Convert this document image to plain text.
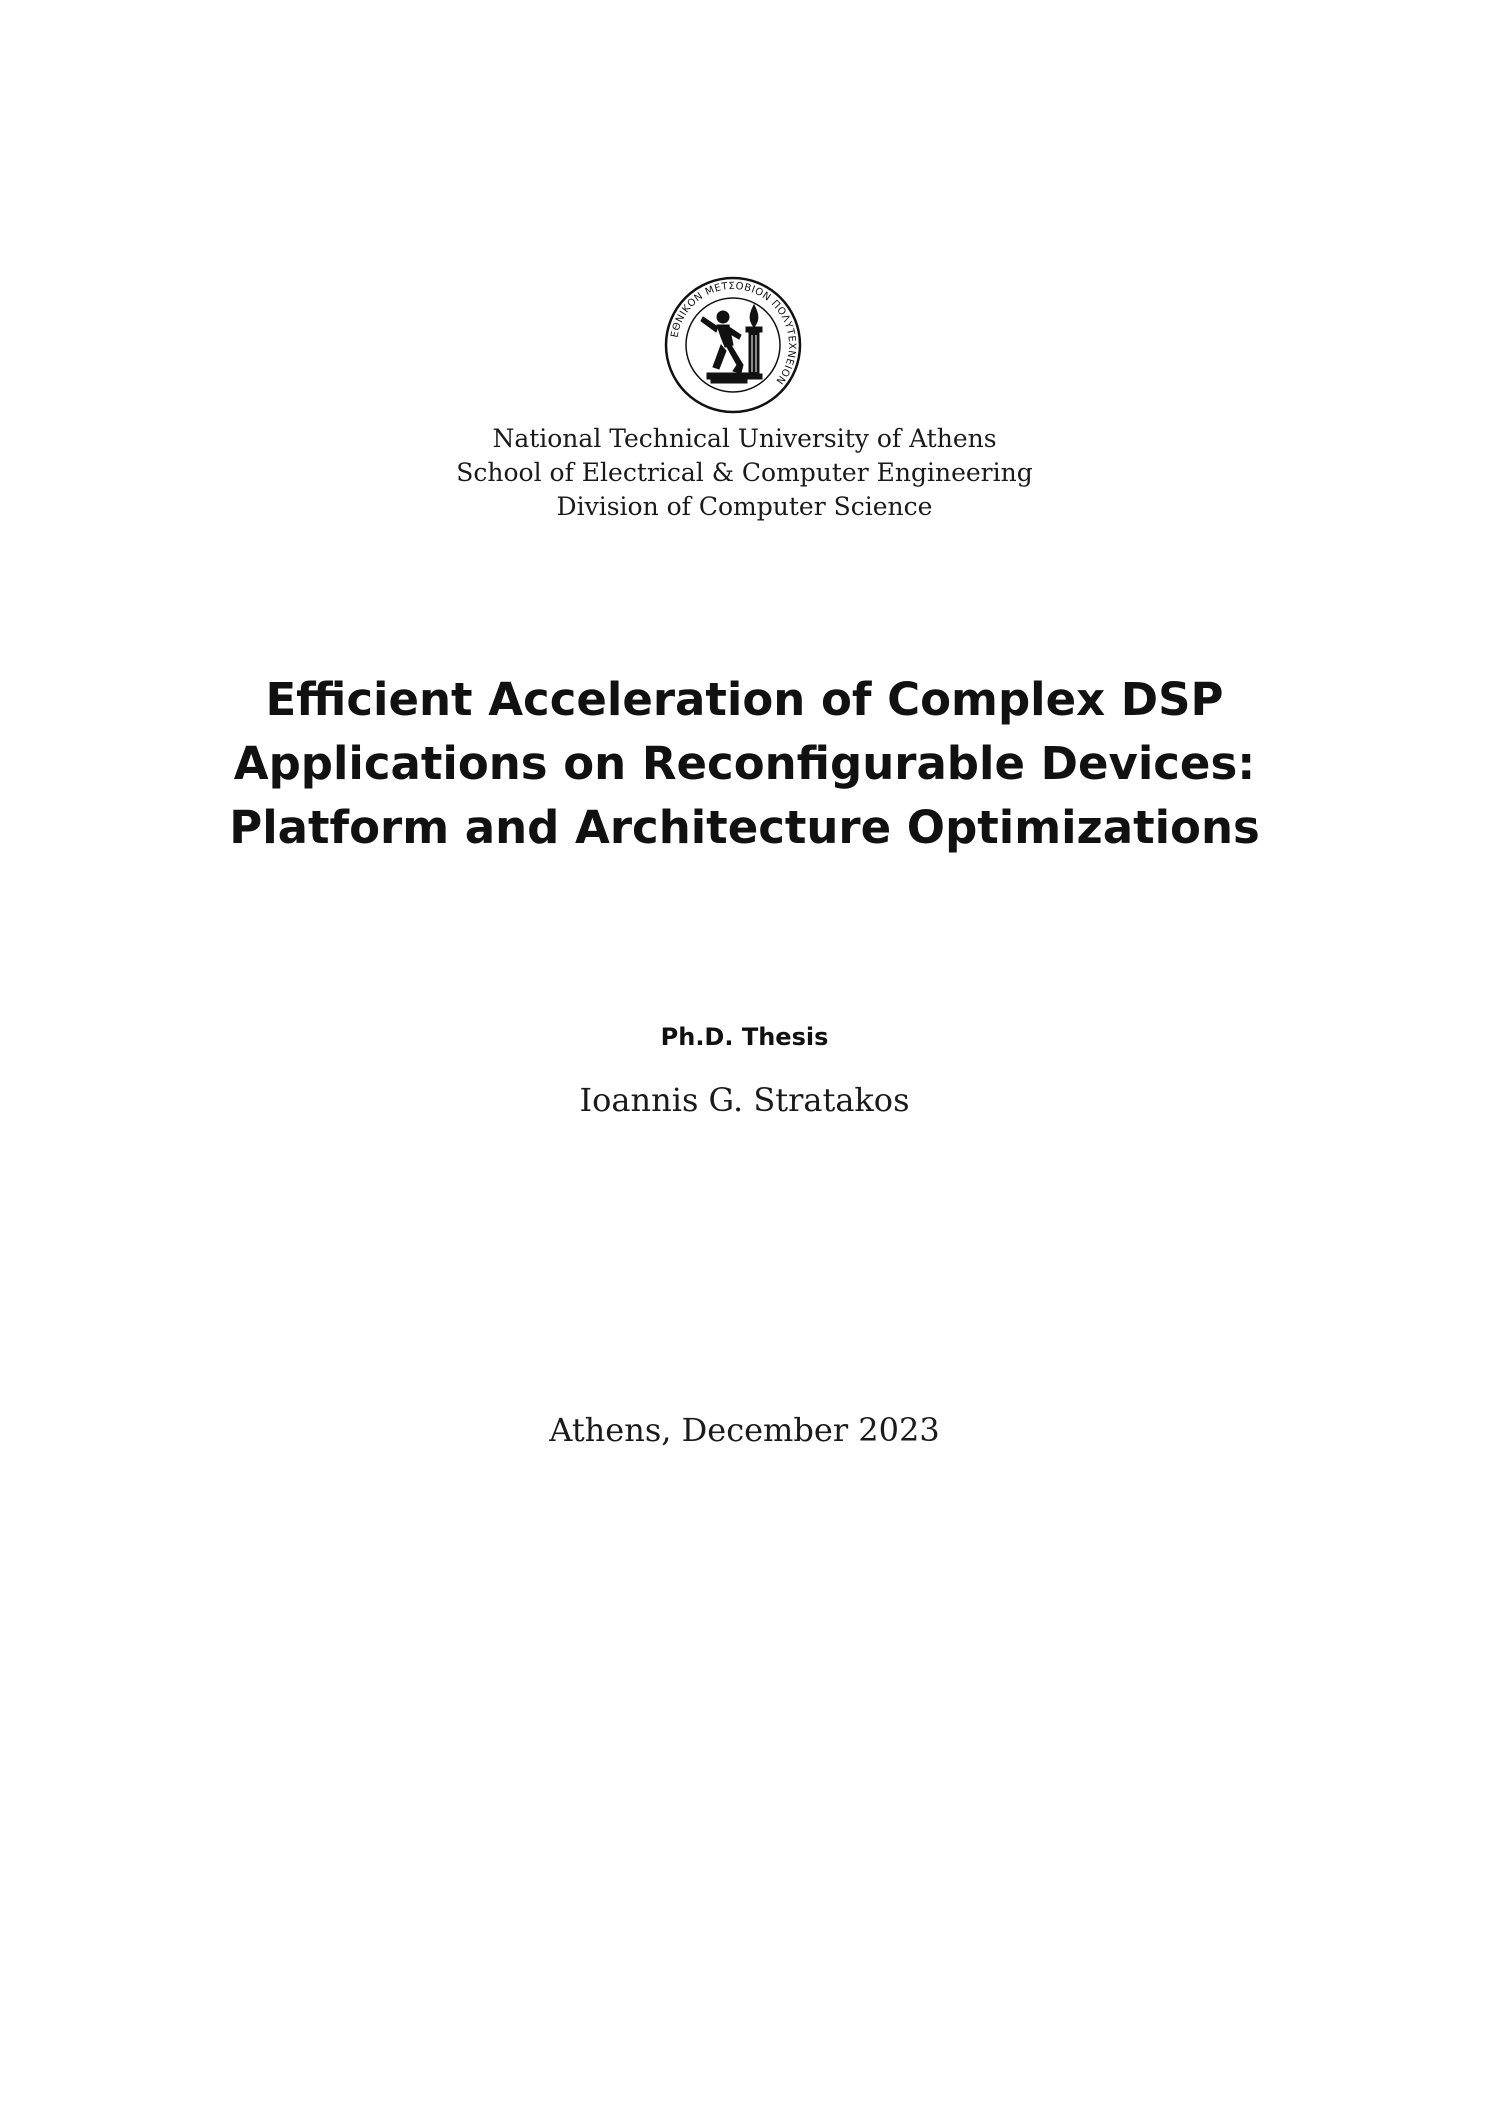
ΕΘΝΙΚΟΝ ΜΕΤΣΟΒΙΟΝ ΠΟΛΥΤΕΧΝΕΙΟΝ
National Technical University of Athens
School of Electrical & Computer Engineering
Division of Computer Science
Efficient Acceleration of Complex DSP
Applications on Reconfigurable Devices:
Platform and Architecture Optimizations
Ph.D. Thesis
Ioannis G. Stratakos
Athens, December 2023
